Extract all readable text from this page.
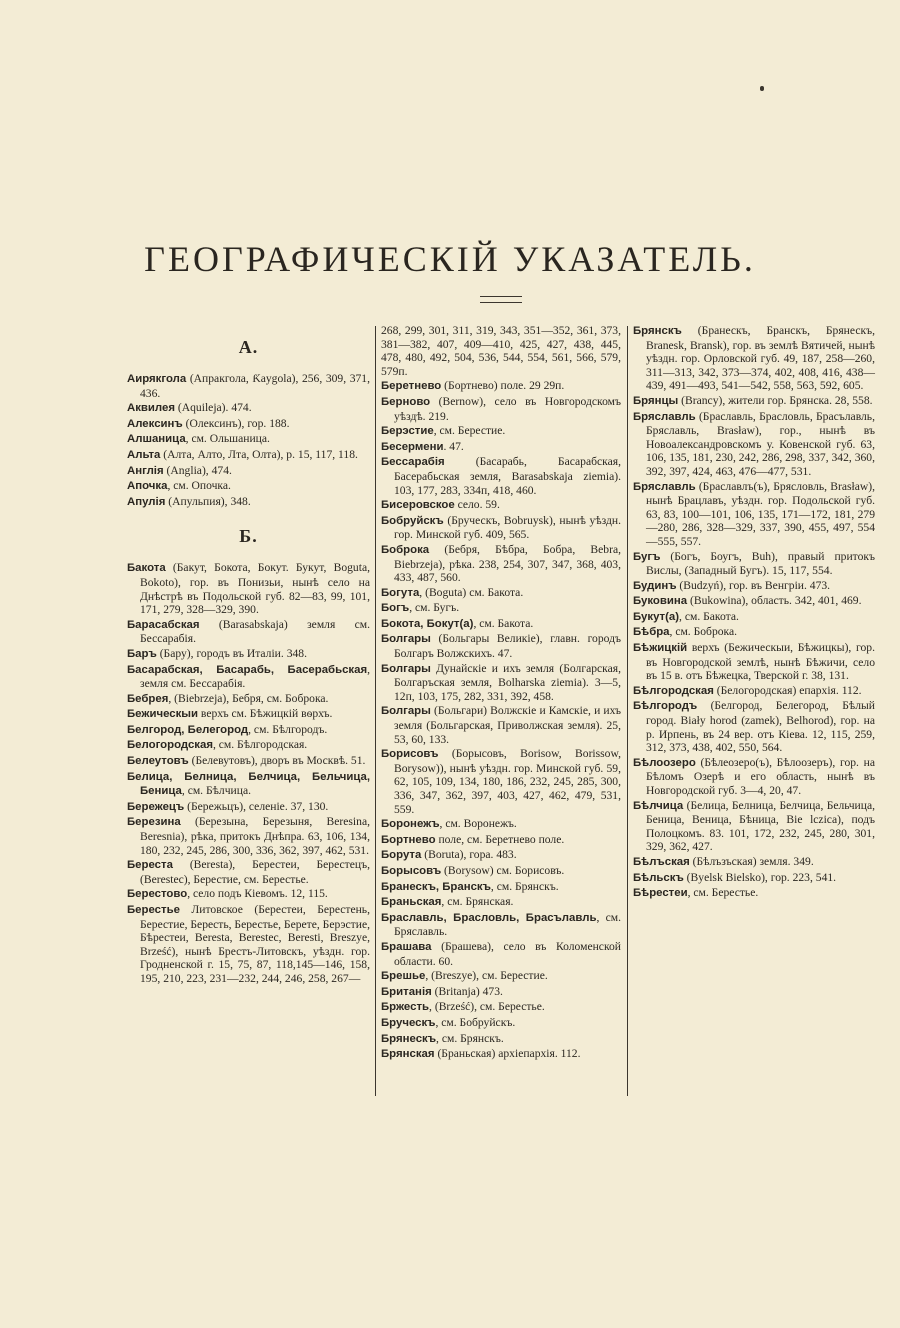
ГЕОГРАФИЧЕСКІЙ УКАЗАТЕЛЬ.
А.
Аирякгола (Апракгола, Ƙaygola), 256, 309, 371, 436.
Аквилея (Aquileja). 474.
Алексинъ (Олексинъ), гор. 188.
Алшаница, см. Ольшаница.
Альта (Алта, Алто, Лта, Олта), р. 15, 117, 118.
Англія (Anglia), 474.
Апочка, см. Опочка.
Апулія (Апульпия), 348.
Б.
Бакота (Бакут, Бокота, Бокут. Букут, Boguta, Bokoto), гор. въ Понизьи, нынѣ село на Днѣстрѣ въ Подольской губ. 82—83, 99, 101, 171, 279, 328—329, 390.
Барасабская (Barasabskaja) земля см. Бессарабія.
Баръ (Бару), городъ въ Италіи. 348.
Басарабская, Басарабь, Басерабьская, земля см. Бессарабія.
Бебрея, (Biebrzeja), Бебря, см. Боброка.
Бежическыи верхъ см. Бѣжицкій вѳрхъ.
Белгород, Белегород, см. Бѣлгородъ.
Белогородская, см. Бѣлгородская.
Белеутовъ (Белевутовъ), дворъ въ Москвѣ. 51.
Белица, Белница, Белчица, Бельчица, Беница, см. Бѣлчица.
Бережецъ (Бережьцъ), селеніе. 37, 130.
Березина (Березына, Березыня, Beresina, Beresnia), рѣка, притокъ Днѣпра. 63, 106, 134, 180, 232, 245, 286, 300, 336, 362, 397, 462, 531.
Береста (Beresta), Берестеи, Берестецъ, (Berestec), Берестие, см. Берестье.
Берестово, село подъ Кіевомъ. 12, 115.
Берестье Литовское (Берестеи, Берестень, Берестие, Береcть, Берестье, Берете, Берэстие, Бѣрестеи, Beresta, Berestec, Beresti, Breszye, Brześć), нынѣ Брестъ-Литовскъ, уѣздн. гор. Гродненской г. 15, 75, 87, 118,145—146, 158, 195, 210, 223, 231—232, 244, 246, 258, 267—
268, 299, 301, 311, 319, 343, 351—352, 361, 373, 381—382, 407, 409—410, 425, 427, 438, 445, 478, 480, 492, 504, 536, 544, 554, 561, 566, 579, 579п.
Беретнево (Бортнево) поле. 29 29п.
Берново (Bernow), село въ Новгородскомъ уѣздѣ. 219.
Берэстие, см. Берестие.
Бесермени. 47.
Бессарабія (Басарабь, Басарабская, Басерабьская земля, Barasabskaja ziemia). 103, 177, 283, 334п, 418, 460.
Бисеровское село. 59.
Бобруйскъ (Бруческъ, Bobruysk), нынѣ уѣздн. гор. Минской губ. 409, 565.
Боброка (Бебря, Бѣбра, Бобра, Bebra, Biebrzeja), рѣка. 238, 254, 307, 347, 368, 403, 433, 487, 560.
Богута, (Boguta) см. Бакота.
Богъ, см. Бугъ.
Бокота, Бокут(а), см. Бакота.
Болгары (Больгары Великіе), главн. городъ Болгаръ Волжскихъ. 47.
Болгары Дунайскіе и ихъ земля (Болгарская, Болгаръская земля, Bolharska ziemia). 3—5, 12п, 103, 175, 282, 331, 392, 458.
Болгары (Больгари) Волжскіе и Камскіе, и ихъ земля (Больгарская, Приволжская земля). 25, 53, 60, 133.
Борисовъ (Борысовъ, Borisow, Borissow, Borysow)), нынѣ уѣздн. гор. Минской губ. 59, 62, 105, 109, 134, 180, 186, 232, 245, 285, 300, 336, 347, 362, 397, 403, 427, 462, 479, 531, 559.
Боронежъ, см. Воронежъ.
Бортнево поле, см. Беретнево поле.
Борута (Boruta), гора. 483.
Борысовъ (Borysow) см. Борисовъ.
Бранескъ, Бранскъ, см. Брянскъ.
Браньская, см. Брянская.
Браславль, Брасловль, Брасълавль, см. Бряславль.
Брашава (Брашева), село въ Коломенской области. 60.
Брешье, (Breszye), см. Берестие.
Британія (Britanja) 473.
Бржесть, (Brześć), см. Берестье.
Бруческъ, см. Бобруйскъ.
Брянескъ, см. Брянскъ.
Брянская (Браньская) архіепархія. 112.
Брянскъ (Бранескъ, Бранскъ, Брянескъ, Branesk, Bransk), гор. въ землѣ Вятичей, нынѣ уѣздн. гор. Орловской губ. 49, 187, 258—260, 311—313, 342, 373—374, 402, 408, 416, 438—439, 491—493, 541—542, 558, 563, 592, 605.
Брянцы (Brancy), жители гор. Брянска. 28, 558.
Бряславль (Браславль, Брасловль, Брасълавль, Бряславль, Brasław), гор., нынѣ въ Новоалександровскомъ у. Ковенской губ. 63, 106, 135, 181, 230, 242, 286, 298, 337, 342, 360, 392, 397, 424, 463, 476—477, 531.
Бряславль (Браславлъ(ъ), Брясловль, Brasław), нынѣ Брацлавъ, уѣздн. гор. Подольской губ. 63, 83, 100—101, 106, 135, 171—172, 181, 279—280, 286, 328—329, 337, 390, 455, 497, 554—555, 557.
Бугъ (Богъ, Боугъ, Buh), правый притокъ Вислы, (Западный Бугъ). 15, 117, 554.
Будинъ (Budzyń), гор. въ Венгріи. 473.
Буковина (Bukowina), область. 342, 401, 469.
Букут(а), см. Бакота.
Бѣбра, см. Боброка.
Бѣжицкій верхъ (Бежическыи, Бѣжицкы), гор. въ Новгородской землѣ, нынѣ Бѣжичи, село въ 15 в. отъ Бѣжецка, Тверской г. 38, 131.
Бѣлгородская (Белогородская) епархія. 112.
Бѣлгородъ (Белгород, Белегород, Бѣлый город. Biały horod (zamek), Belhorod), гор. на р. Ирпень, въ 24 вер. отъ Кіева. 12, 115, 259, 312, 373, 438, 402, 550, 564.
Бѣлоозеро (Бѣлеозеро(ъ), Бѣлоозеръ), гор. на Бѣломъ Озерѣ и его область, нынѣ въ Новгородской губ. 3—4, 20, 47.
Бѣлчица (Белица, Белница, Белчица, Бельчица, Беница, Веница, Бѣница, Bie lczica), подъ Полоцкомъ. 83. 101, 172, 232, 245, 280, 301, 329, 362, 427.
Бѣлъская (Бѣлъзъская) земля. 349.
Бѣльскъ (Byelsk Bielsko), гор. 223, 541.
Бѣрестеи, см. Берестье.
